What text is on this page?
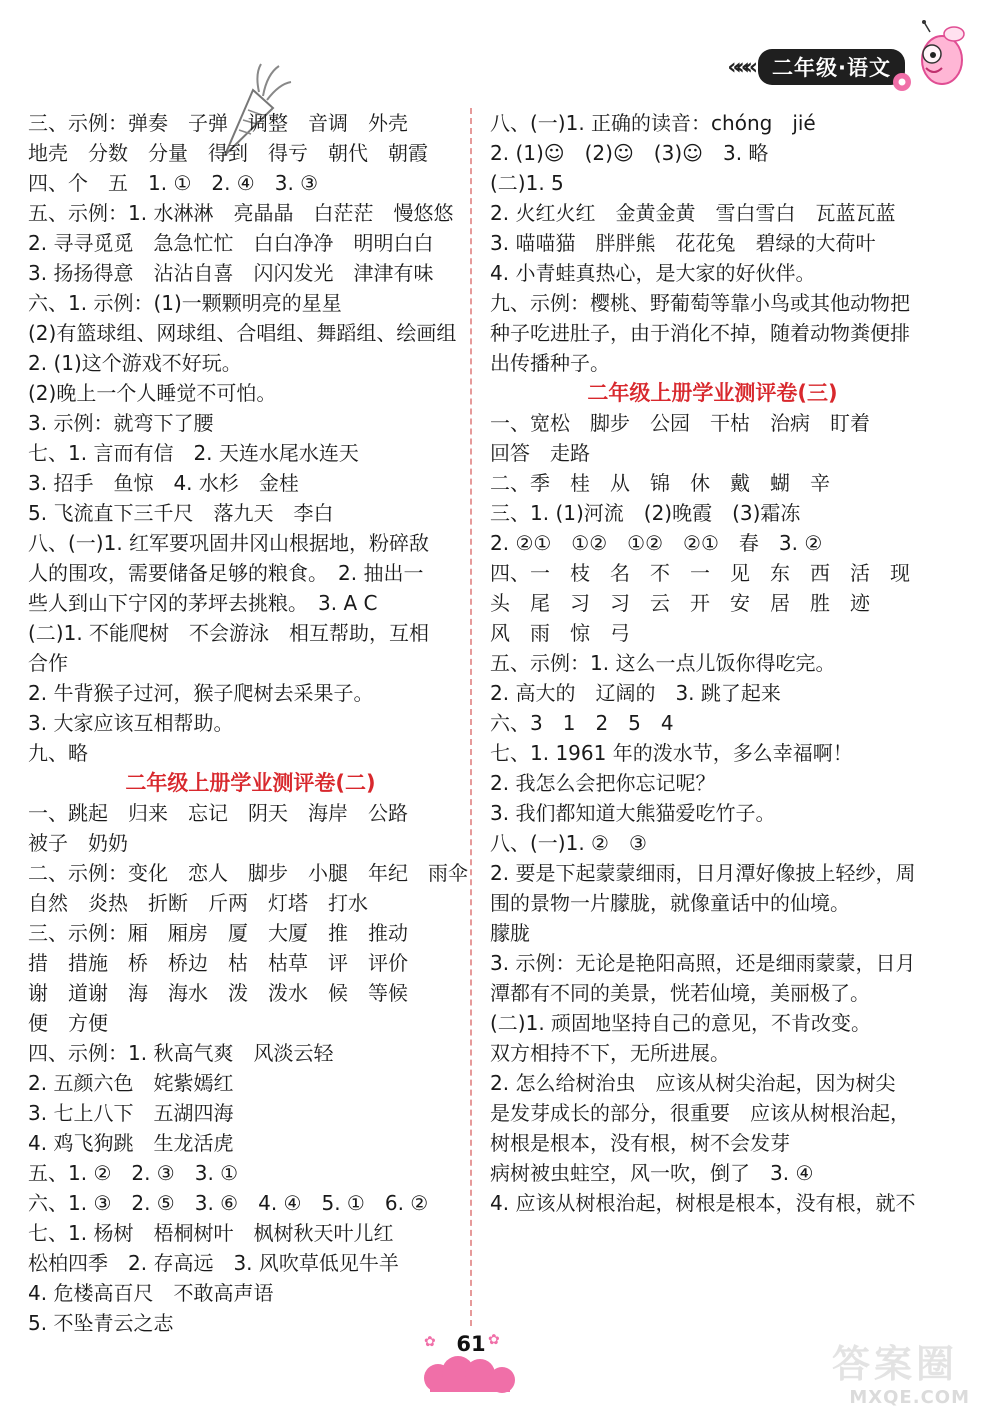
««« 二年级·语文
三、示例：弹奏　子弹　调整　音调　外壳
地壳　分数　分量　得到　得亏　朝代　朝霞
四、个　五　1. ①　2. ④　3. ③
五、示例：1. 水淋淋　亮晶晶　白茫茫　慢悠悠
2. 寻寻觅觅　急急忙忙　白白净净　明明白白
3. 扬扬得意　沾沾自喜　闪闪发光　津津有味
六、1. 示例：(1)一颗颗明亮的星星
(2)有篮球组、网球组、合唱组、舞蹈组、绘画组
2. (1)这个游戏不好玩。
(2)晚上一个人睡觉不可怕。
3. 示例：就弯下了腰
七、1. 言而有信　2. 天连水尾水连天
3. 招手　鱼惊　4. 水杉　金桂
5. 飞流直下三千尺　落九天　李白
八、(一)1. 红军要巩固井冈山根据地，粉碎敌
人的围攻，需要储备足够的粮食。　2. 抽出一
些人到山下宁冈的茅坪去挑粮。　3. A C
(二)1. 不能爬树　不会游泳　相互帮助，互相
合作
2. 牛背猴子过河，猴子爬树去采果子。
3. 大家应该互相帮助。
九、略
二年级上册学业测评卷(二)
一、跳起　归来　忘记　阴天　海岸　公路
被子　奶奶
二、示例：变化　恋人　脚步　小腿　年纪　雨伞
自然　炎热　折断　斤两　灯塔　打水
三、示例：厢　厢房　厦　大厦　推　推动
措　措施　桥　桥边　枯　枯草　评　评价
谢　道谢　海　海水　泼　泼水　候　等候
便　方便
四、示例：1. 秋高气爽　风淡云轻
2. 五颜六色　姹紫嫣红
3. 七上八下　五湖四海
4. 鸡飞狗跳　生龙活虎
五、1. ②　2. ③　3. ①
六、1. ③　2. ⑤　3. ⑥　4. ④　5. ①　6. ②
七、1. 杨树　梧桐树叶　枫树秋天叶儿红
松柏四季　2. 存高远　3. 风吹草低见牛羊
4. 危楼高百尺　不敢高声语
5. 不坠青云之志
八、(一)1. 正确的读音：chóng　jié
2. (1)☺　(2)☺　(3)☺　3. 略
(二)1. 5
2. 火红火红　金黄金黄　雪白雪白　瓦蓝瓦蓝
3. 喵喵猫　胖胖熊　花花兔　碧绿的大荷叶
4. 小青蛙真热心，是大家的好伙伴。
九、示例：樱桃、野葡萄等靠小鸟或其他动物把
种子吃进肚子，由于消化不掉，随着动物粪便排
出传播种子。
二年级上册学业测评卷(三)
一、宽松　脚步　公园　干枯　治病　盯着
回答　走路
二、季　桂　从　锦　休　戴　蝴　辛
三、1. (1)河流　(2)晚霞　(3)霜冻
2. ②①　①②　①②　②①　春　3. ②
四、一　枝　名　不　一　见　东　西　活　现
头　尾　习　习　云　开　安　居　胜　迹
风　雨　惊　弓
五、示例：1. 这么一点儿饭你得吃完。
2. 高大的　辽阔的　3. 跳了起来
六、3　1　2　5　4
七、1. 1961 年的泼水节，多么幸福啊！
2. 我怎么会把你忘记呢？
3. 我们都知道大熊猫爱吃竹子。
八、(一)1. ②　③
2. 要是下起蒙蒙细雨，日月潭好像披上轻纱，周
围的景物一片朦胧，就像童话中的仙境。
朦胧
3. 示例：无论是艳阳高照，还是细雨蒙蒙，日月
潭都有不同的美景，恍若仙境，美丽极了。
(二)1. 顽固地坚持自己的意见，不肯改变。
双方相持不下，无所进展。
2. 怎么给树治虫　应该从树尖治起，因为树尖
是发芽成长的部分，很重要　应该从树根治起，
树根是根本，没有根，树不会发芽
病树被虫蛀空，风一吹，倒了　3. ④
4. 应该从树根治起，树根是根本，没有根，就不
✿	✿
61	答案圈
MXQE.COM
